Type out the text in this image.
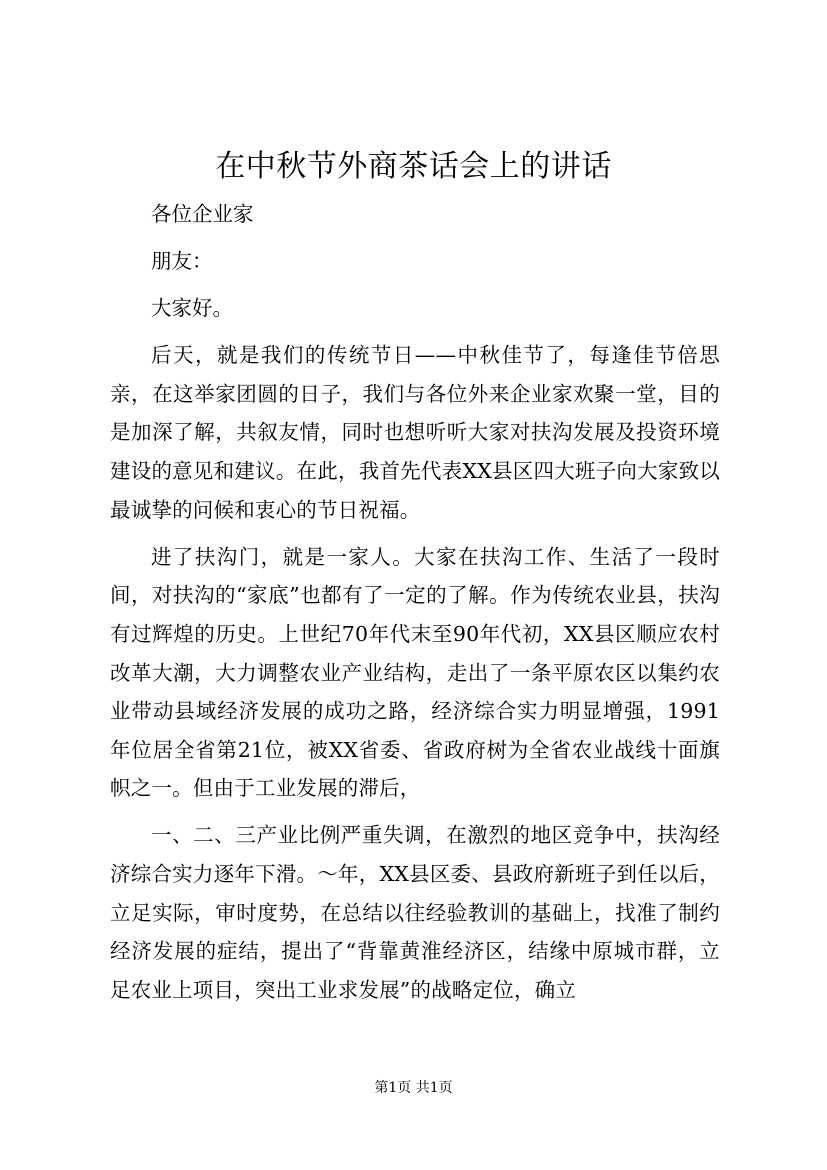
在中秋节外商茶话会上的讲话

各位企业家

朋友：

大家好。

后天，就是我们的传统节日——中秋佳节了，每逢佳节倍思亲，在这举家团圆的日子，我们与各位外来企业家欢聚一堂，目的是加深了解，共叙友情，同时也想听听大家对扶沟发展及投资环境建设的意见和建议。在此，我首先代表XX县区四大班子向大家致以最诚挚的问候和衷心的节日祝福。

进了扶沟门，就是一家人。大家在扶沟工作、生活了一段时间，对扶沟的“家底”也都有了一定的了解。作为传统农业县，扶沟有过辉煌的历史。上世纪70年代末至90年代初，XX县区顺应农村改革大潮，大力调整农业产业结构，走出了一条平原农区以集约农业带动县域经济发展的成功之路，经济综合实力明显增强，1991年位居全省第21位，被XX省委、省政府树为全省农业战线十面旗帜之一。但由于工业发展的滞后，

一、二、三产业比例严重失调，在激烈的地区竞争中，扶沟经济综合实力逐年下滑。～年，XX县区委、县政府新班子到任以后，立足实际，审时度势，在总结以往经验教训的基础上，找准了制约经济发展的症结，提出了“背靠黄淮经济区，结缘中原城市群，立足农业上项目，突出工业求发展”的战略定位，确立

第1页 共1页
